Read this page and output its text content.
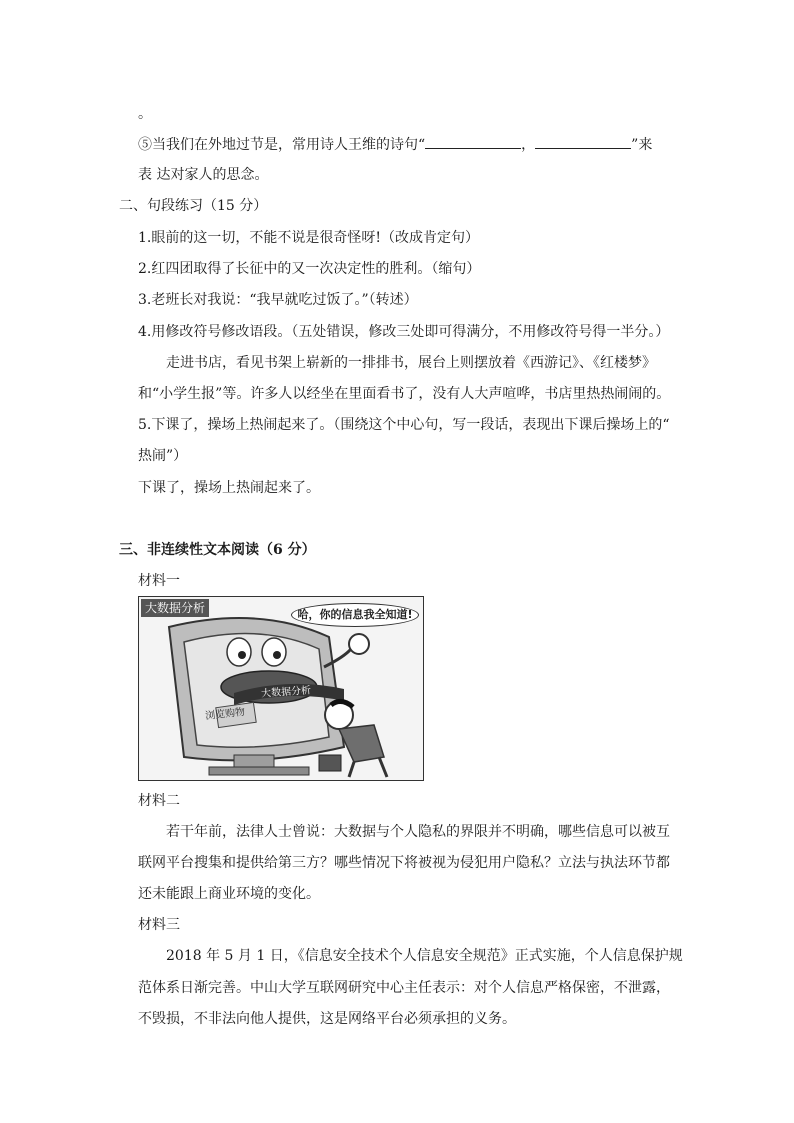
。
⑤当我们在外地过节是，常用诗人王维的诗句“	，	”来
表 达对家人的思念。
二、句段练习（15 分）
1.眼前的这一切，不能不说是很奇怪呀!（改成肯定句）
2.红四团取得了长征中的又一次决定性的胜利。（缩句）
3.老班长对我说：“我早就吃过饭了。”（转述）
4.用修改符号修改语段。（五处错误，修改三处即可得满分，不用修改符号得一半分。）
走进书店，看见书架上崭新的一排排书，展台上则摆放着《西游记》、《红楼梦》
和“小学生报”等。许多人以经坐在里面看书了，没有人大声喧哗，书店里热热闹闹的。
5.下课了，操场上热闹起来了。（围绕这个中心句，写一段话，表现出下课后操场上的“
热闹”）
下课了，操场上热闹起来了。
三、非连续性文本阅读（6 分）
材料一
大数据分析	哈，你的信息我全知道!
浏览购物
大数据分析
材料二
若干年前，法律人士曾说：大数据与个人隐私的界限并不明确，哪些信息可以被互
联网平台搜集和提供给第三方？哪些情况下将被视为侵犯用户隐私？立法与执法环节都
还未能跟上商业环境的变化。
材料三
2018 年 5 月 1 日，《信息安全技术个人信息安全规范》正式实施，个人信息保护规
范体系日渐完善。中山大学互联网研究中心主任表示：对个人信息严格保密，不泄露，
不毁损，不非法向他人提供，这是网络平台必须承担的义务。
